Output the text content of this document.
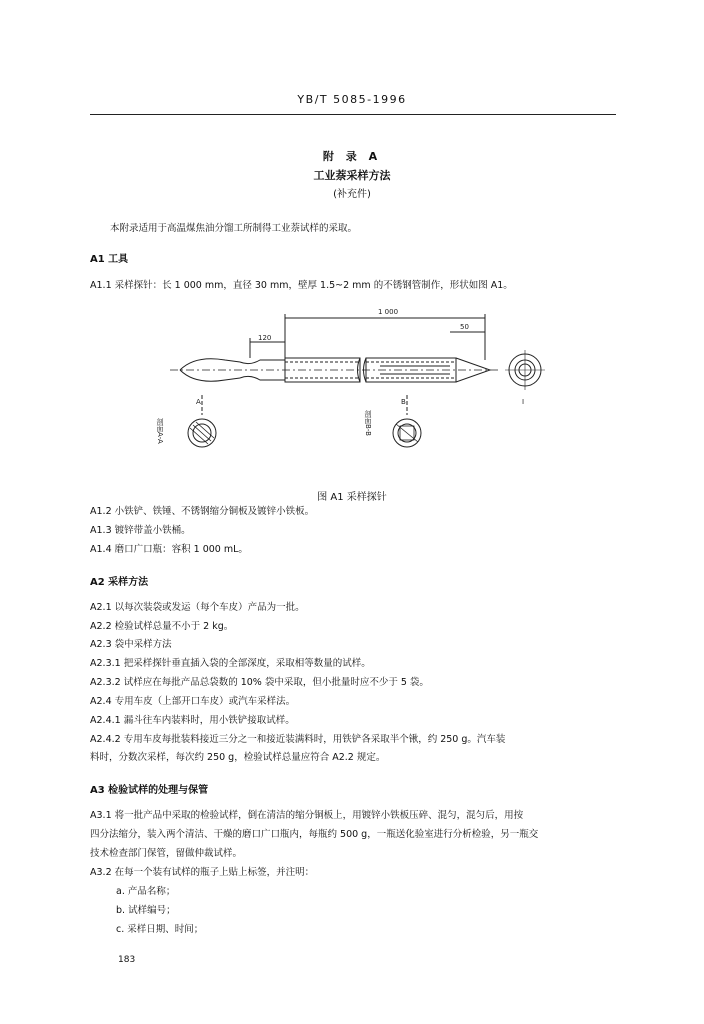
YB/T 5085-1996
附 录 A
工业萘采样方法
(补充件)
本附录适用于高温煤焦油分馏工所制得工业萘试样的采取。
A1 工具
A1.1 采样探针：长 1 000 mm，直径 30 mm，壁厚 1.5~2 mm 的不锈钢管制作，形状如图 A1。
1 000
120
50
A	B	I
剖面A-A	剖面B-B
图 A1 采样探针
A1.2 小铁铲、铁锤、不锈钢缩分铜板及镀锌小铁板。
A1.3 镀锌带盖小铁桶。
A1.4 磨口广口瓶：容积 1 000 mL。
A2 采样方法
A2.1 以每次装袋或发运（每个车皮）产品为一批。
A2.2 检验试样总量不小于 2 kg。
A2.3 袋中采样方法
A2.3.1 把采样探针垂直插入袋的全部深度，采取相等数量的试样。
A2.3.2 试样应在每批产品总袋数的 10% 袋中采取，但小批量时应不少于 5 袋。
A2.4 专用车皮（上部开口车皮）或汽车采样法。
A2.4.1 漏斗往车内装料时，用小铁铲接取试样。
A2.4.2 专用车皮每批装料接近三分之一和接近装满料时，用铁铲各采取半个锹，约 250 g。汽车装
料时，分数次采样，每次约 250 g，检验试样总量应符合 A2.2 规定。
A3 检验试样的处理与保管
A3.1 将一批产品中采取的检验试样，倒在清洁的缩分铜板上，用镀锌小铁板压碎、混匀，混匀后，用按
四分法缩分，装入两个清洁、干燥的磨口广口瓶内，每瓶约 500 g，一瓶送化验室进行分析检验，另一瓶交
技术检查部门保管，留做仲裁试样。
A3.2 在每一个装有试样的瓶子上贴上标签，并注明：
a. 产品名称；
b. 试样编号；
c. 采样日期、时间；
183
